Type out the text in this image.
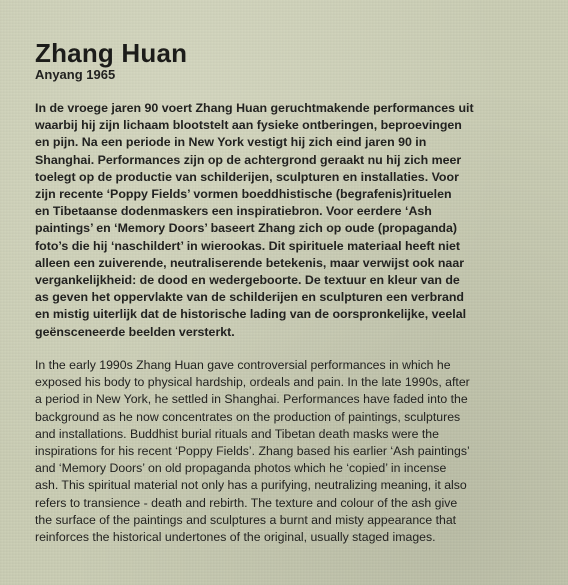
Zhang Huan

Anyang 1965

In de vroege jaren 90 voert Zhang Huan geruchtmakende performances uit
waarbij hij zijn lichaam blootstelt aan fysieke ontberingen, beproevingen
en pijn. Na een periode in New York vestigt hij zich eind jaren 90 in
Shanghai. Performances zijn op de achtergrond geraakt nu hij zich meer
toelegt op de productie van schilderijen, sculpturen en installaties. Voor
zijn recente ‘Poppy Fields’ vormen boeddhistische (begrafenis)rituelen
en Tibetaanse dodenmaskers een inspiratiebron. Voor eerdere ‘Ash
paintings’ en ‘Memory Doors’ baseert Zhang zich op oude (propaganda)
foto’s die hij ‘naschildert’ in wierookas. Dit spirituele materiaal heeft niet
alleen een zuiverende, neutraliserende betekenis, maar verwijst ook naar
vergankelijkheid: de dood en wedergeboorte. De textuur en kleur van de
as geven het oppervlakte van de schilderijen en sculpturen een verbrand
en mistig uiterlijk dat de historische lading van de oorspronkelijke, veelal
geënsceneerde beelden versterkt.

In the early 1990s Zhang Huan gave controversial performances in which he
exposed his body to physical hardship, ordeals and pain. In the late 1990s, after
a period in New York, he settled in Shanghai. Performances have faded into the
background as he now concentrates on the production of paintings, sculptures
and installations. Buddhist burial rituals and Tibetan death masks were the
inspirations for his recent ‘Poppy Fields’. Zhang based his earlier ‘Ash paintings’
and ‘Memory Doors’ on old propaganda photos which he ‘copied’ in incense
ash. This spiritual material not only has a purifying, neutralizing meaning, it also
refers to transience - death and rebirth. The texture and colour of the ash give
the surface of the paintings and sculptures a burnt and misty appearance that
reinforces the historical undertones of the original, usually staged images.
